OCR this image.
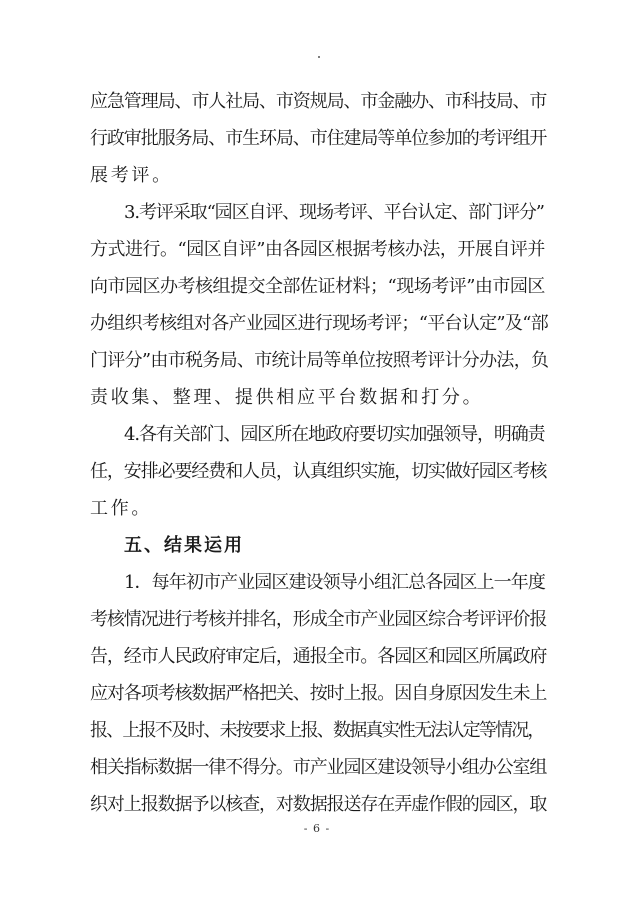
应急管理局、市人社局、市资规局、市金融办、市科技局、市
行政审批服务局、市生环局、市住建局等单位参加的考评组开
展考评。
3.考评采取“园区自评、现场考评、平台认定、部门评分”
方式进行。“园区自评”由各园区根据考核办法，开展自评并
向市园区办考核组提交全部佐证材料；“现场考评”由市园区
办组织考核组对各产业园区进行现场考评；“平台认定”及“部
门评分”由市税务局、市统计局等单位按照考评计分办法，负
责收集、整理、提供相应平台数据和打分。
4.各有关部门、园区所在地政府要切实加强领导，明确责
任，安排必要经费和人员，认真组织实施，切实做好园区考核
工作。
五、结果运用
1．每年初市产业园区建设领导小组汇总各园区上一年度
考核情况进行考核并排名，形成全市产业园区综合考评评价报
告，经市人民政府审定后，通报全市。各园区和园区所属政府
应对各项考核数据严格把关、按时上报。因自身原因发生未上
报、上报不及时、未按要求上报、数据真实性无法认定等情况，
相关指标数据一律不得分。市产业园区建设领导小组办公室组
织对上报数据予以核查，对数据报送存在弄虚作假的园区，取
- 6 -
